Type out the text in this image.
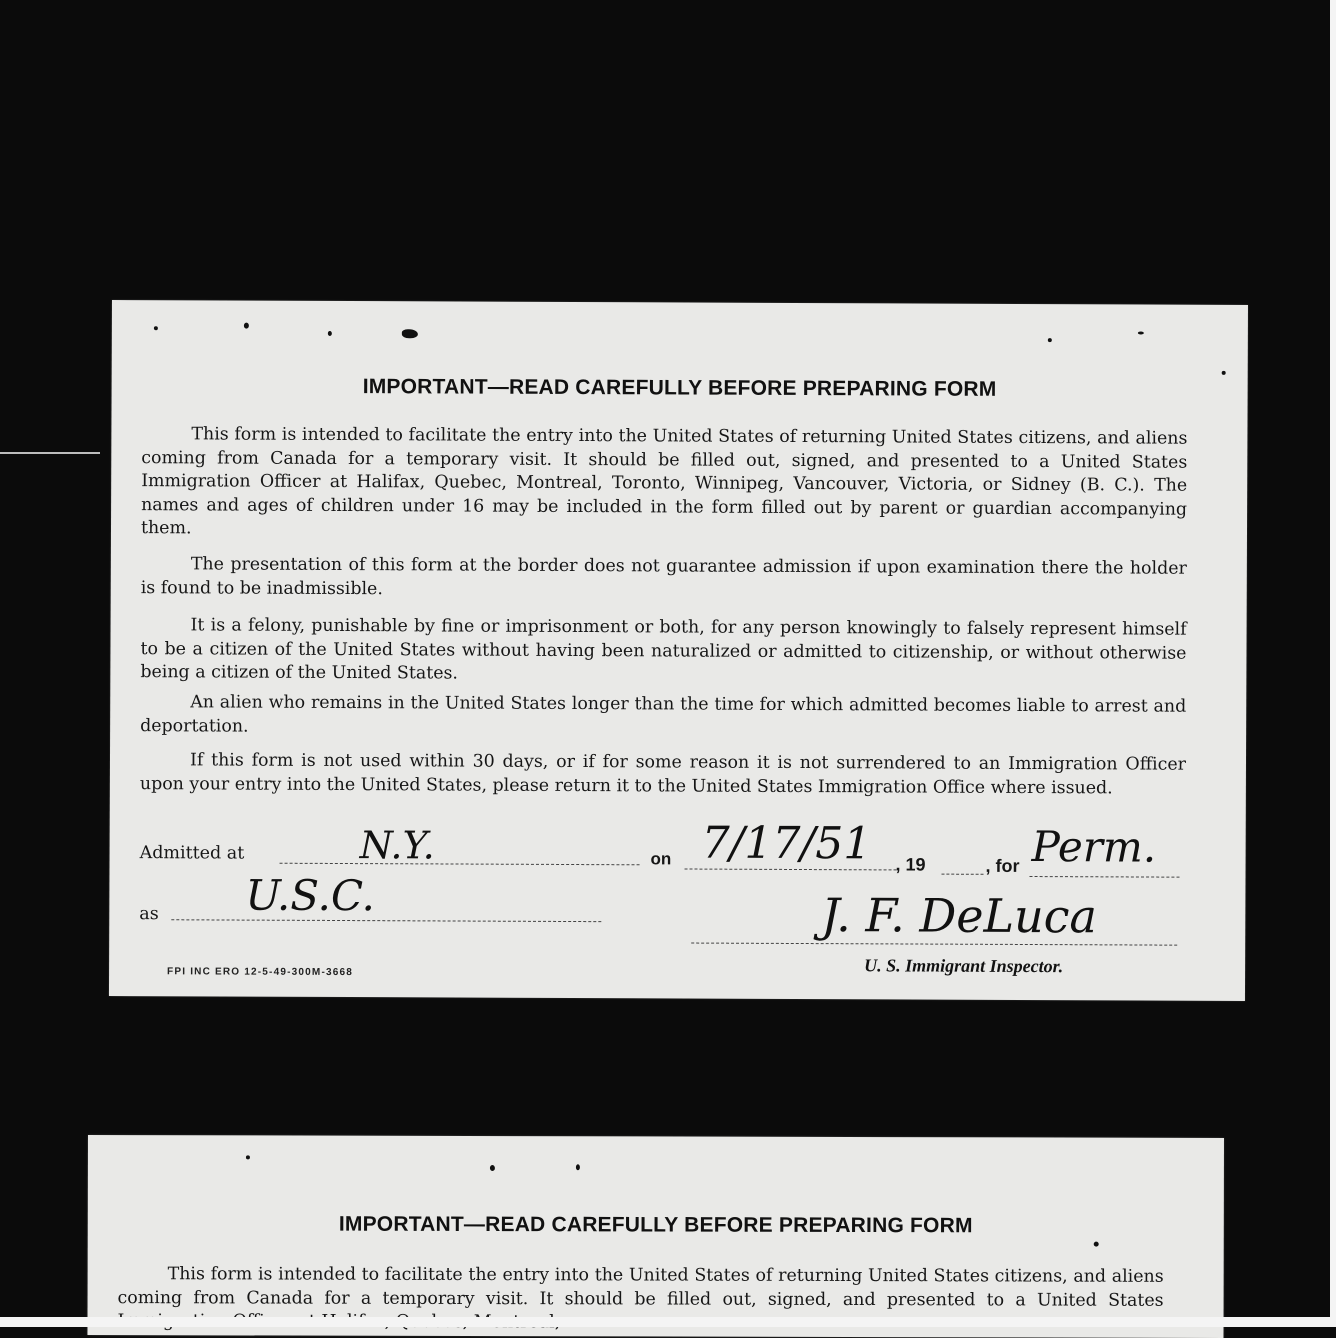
IMPORTANT—READ CAREFULLY BEFORE PREPARING FORM

This form is intended to facilitate the entry into the United States of returning United States citizens, and aliens coming from Canada for a temporary visit. It should be filled out, signed, and presented to a United States Immigration Officer at Halifax, Quebec, Montreal, Toronto, Winnipeg, Vancouver, Victoria, or Sidney (B. C.). The names and ages of children under 16 may be included in the form filled out by parent or guardian accompanying them.

The presentation of this form at the border does not guarantee admission if upon examination there the holder is found to be inadmissible.

It is a felony, punishable by fine or imprisonment or both, for any person knowingly to falsely represent himself to be a citizen of the United States without having been naturalized or admitted to citizenship, or without otherwise being a citizen of the United States.

An alien who remains in the United States longer than the time for which admitted becomes liable to arrest and deportation.

If this form is not used within 30 days, or if for some reason it is not surrendered to an Immigration Officer upon your entry into the United States, please return it to the United States Immigration Office where issued.

Admitted at	N.Y.	on 7/17/51 , 19	, for Perm.
as U.S.C.	J. F. DeLuca
U. S. Immigrant Inspector.
FPI INC ERO 12-5-49-300M-3668
IMPORTANT—READ CAREFULLY BEFORE PREPARING FORM

This form is intended to facilitate the entry into the United States of returning United States citizens, and aliens coming from Canada for a temporary visit. It should be filled out, signed, and presented to a United States
